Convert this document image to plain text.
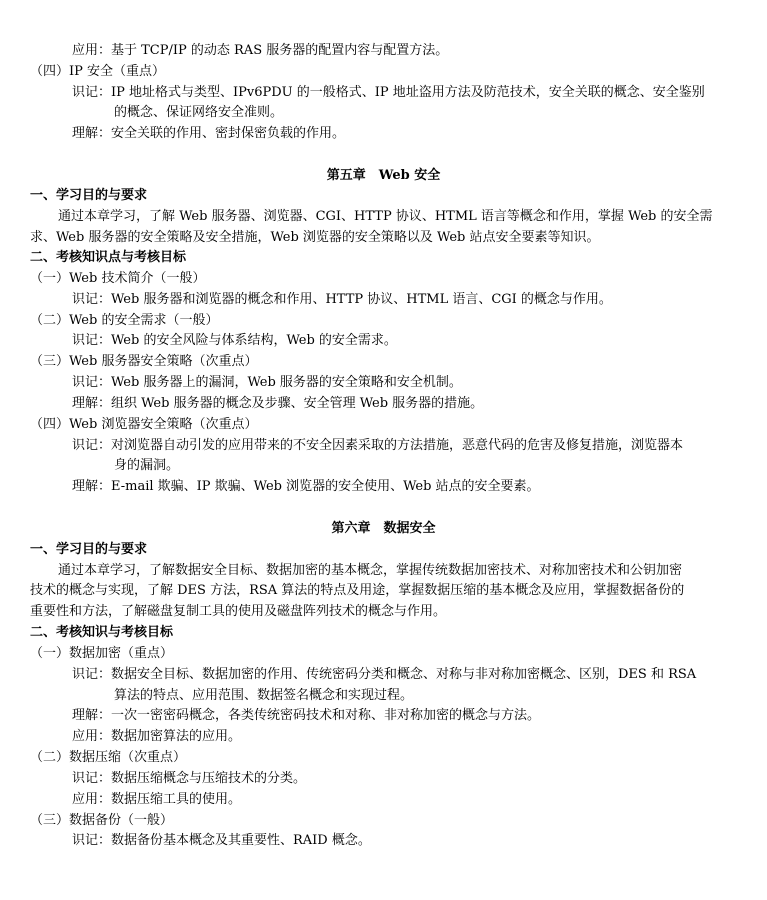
应用：基于 TCP/IP 的动态 RAS 服务器的配置内容与配置方法。
（四）IP 安全（重点）
识记：IP 地址格式与类型、IPv6PDU 的一般格式、IP 地址盗用方法及防范技术，安全关联的概念、安全鉴别
的概念、保证网络安全准则。
理解：安全关联的作用、密封保密负载的作用。
第五章　Web 安全
一、学习目的与要求
通过本章学习，了解 Web 服务器、浏览器、CGI、HTTP 协议、HTML 语言等概念和作用，掌握 Web 的安全需
求、Web 服务器的安全策略及安全措施，Web 浏览器的安全策略以及 Web 站点安全要素等知识。
二、考核知识点与考核目标
（一）Web 技术简介（一般）
识记：Web 服务器和浏览器的概念和作用、HTTP 协议、HTML 语言、CGI 的概念与作用。
（二）Web 的安全需求（一般）
识记：Web 的安全风险与体系结构，Web 的安全需求。
（三）Web 服务器安全策略（次重点）
识记：Web 服务器上的漏洞，Web 服务器的安全策略和安全机制。
理解：组织 Web 服务器的概念及步骤、安全管理 Web 服务器的措施。
（四）Web 浏览器安全策略（次重点）
识记：对浏览器自动引发的应用带来的不安全因素采取的方法措施，恶意代码的危害及修复措施，浏览器本
身的漏洞。
理解：E-mail 欺骗、IP 欺骗、Web 浏览器的安全使用、Web 站点的安全要素。
第六章　数据安全
一、学习目的与要求
通过本章学习，了解数据安全目标、数据加密的基本概念，掌握传统数据加密技术、对称加密技术和公钥加密
技术的概念与实现，了解 DES 方法，RSA 算法的特点及用途，掌握数据压缩的基本概念及应用，掌握数据备份的
重要性和方法，了解磁盘复制工具的使用及磁盘阵列技术的概念与作用。
二、考核知识与考核目标
（一）数据加密（重点）
识记：数据安全目标、数据加密的作用、传统密码分类和概念、对称与非对称加密概念、区别，DES 和 RSA
算法的特点、应用范围、数据签名概念和实现过程。
理解：一次一密密码概念，各类传统密码技术和对称、非对称加密的概念与方法。
应用：数据加密算法的应用。
（二）数据压缩（次重点）
识记：数据压缩概念与压缩技术的分类。
应用：数据压缩工具的使用。
（三）数据备份（一般）
识记：数据备份基本概念及其重要性、RAID 概念。
